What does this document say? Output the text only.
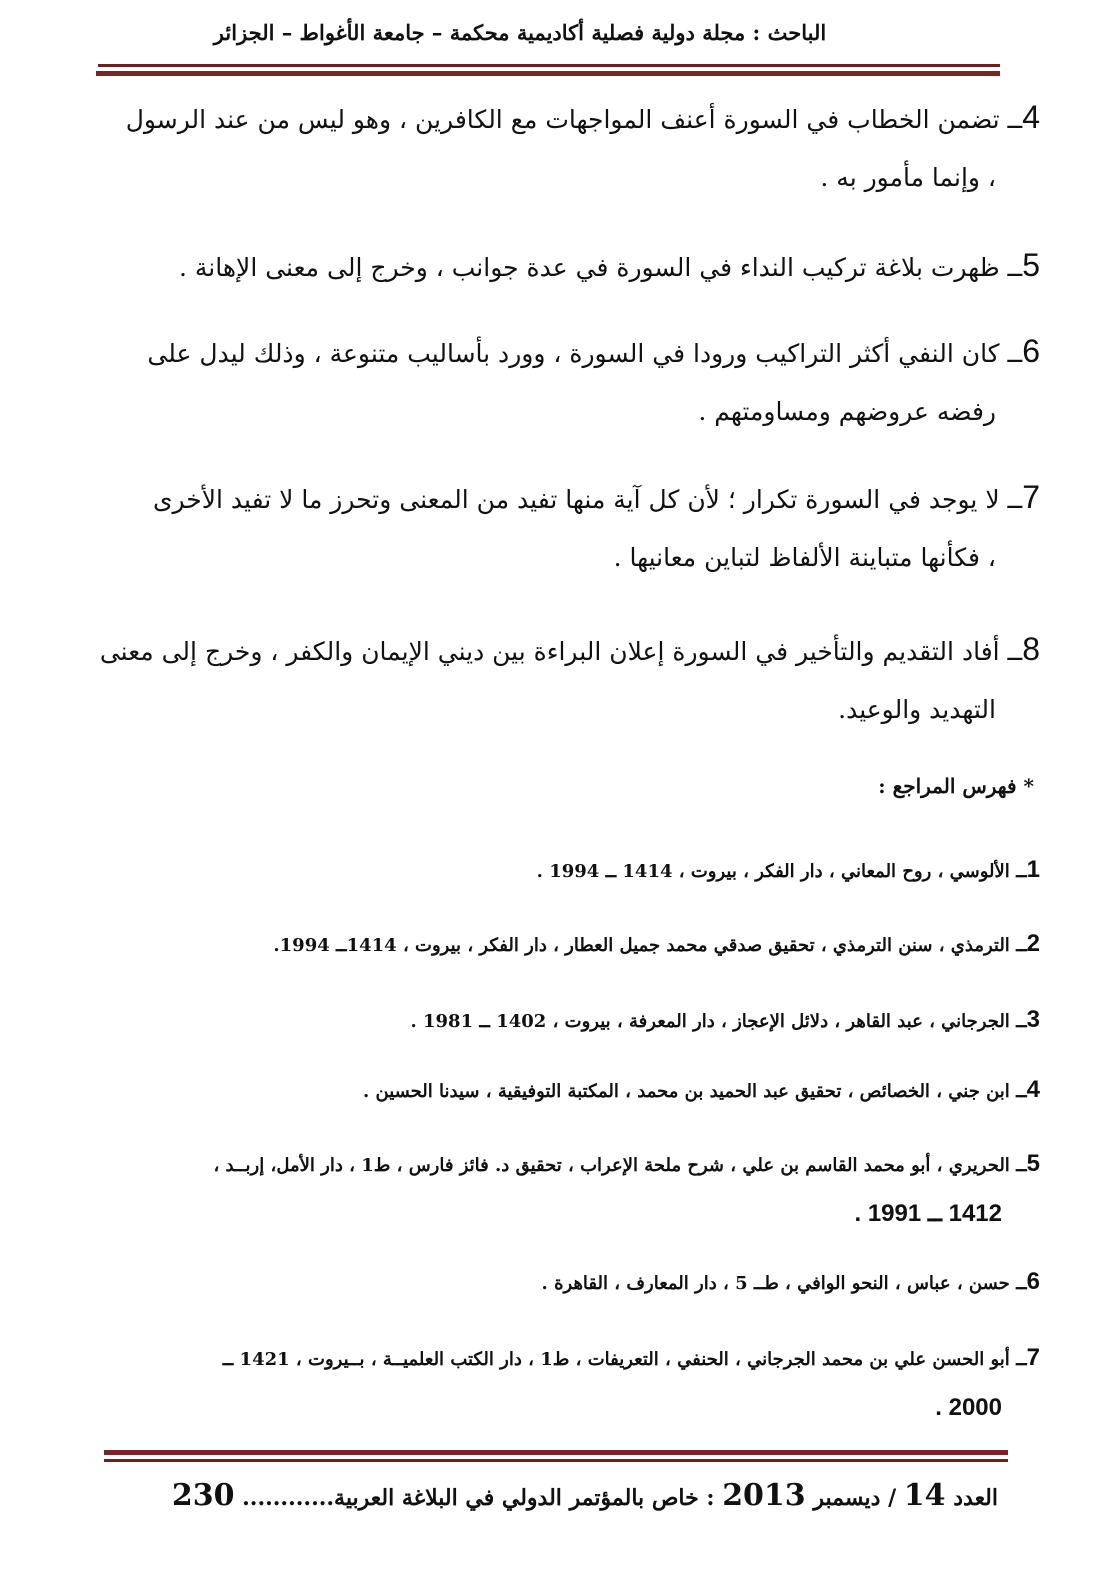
الباحث : مجلة دولية فصلية أكاديمية محكمة – جامعة الأغواط – الجزائر
4ــ تضمن الخطاب في السورة أعنف المواجهات مع الكافرين ، وهو ليس من عند الرسول
، وإنما مأمور به .
5ــ ظهرت بلاغة تركيب النداء في السورة في عدة جوانب ، وخرج إلى معنى الإهانة .
6ــ كان النفي أكثر التراكيب ورودا في السورة ، وورد بأساليب متنوعة ، وذلك ليدل على
رفضه عروضهم ومساومتهم .
7ــ لا يوجد في السورة تكرار ؛ لأن كل آية منها تفيد من المعنى وتحرز ما لا تفيد الأخرى
، فكأنها متباينة الألفاظ لتباين معانيها .
8ــ أفاد التقديم والتأخير في السورة إعلان البراءة بين ديني الإيمان والكفر ، وخرج إلى معنى
التهديد والوعيد.
* فهرس المراجع :
1ــ الألوسي ، روح المعاني ، دار الفكر ، بيروت ، 1414 ــ 1994 .
2ــ الترمذي ، سنن الترمذي ، تحقيق صدقي محمد جميل العطار ، دار الفكر ، بيروت ، 1414ــ 1994.
3ــ الجرجاني ، عبد القاهر ، دلائل الإعجاز ، دار المعرفة ، بيروت ، 1402 ــ 1981 .
4ــ ابن جني ، الخصائص ، تحقيق عبد الحميد بن محمد ، المكتبة التوفيقية ، سيدنا الحسين .
5ــ الحريري ، أبو محمد القاسم بن علي ، شرح ملحة الإعراب ، تحقيق د. فائز فارس ، ط1 ، دار الأمل، إربــد ،
1412 ــ 1991 .
6ــ حسن ، عباس ، النحو الوافي ، طــ 5 ، دار المعارف ، القاهرة .
7ــ أبو الحسن علي بن محمد الجرجاني ، الحنفي ، التعريفات ، ط1 ، دار الكتب العلميــة ، بــيروت ، 1421 ــ
2000 .
العدد 14 / ديسمبر 2013 : خاص بالمؤتمر الدولي في البلاغة العربية............ 230
